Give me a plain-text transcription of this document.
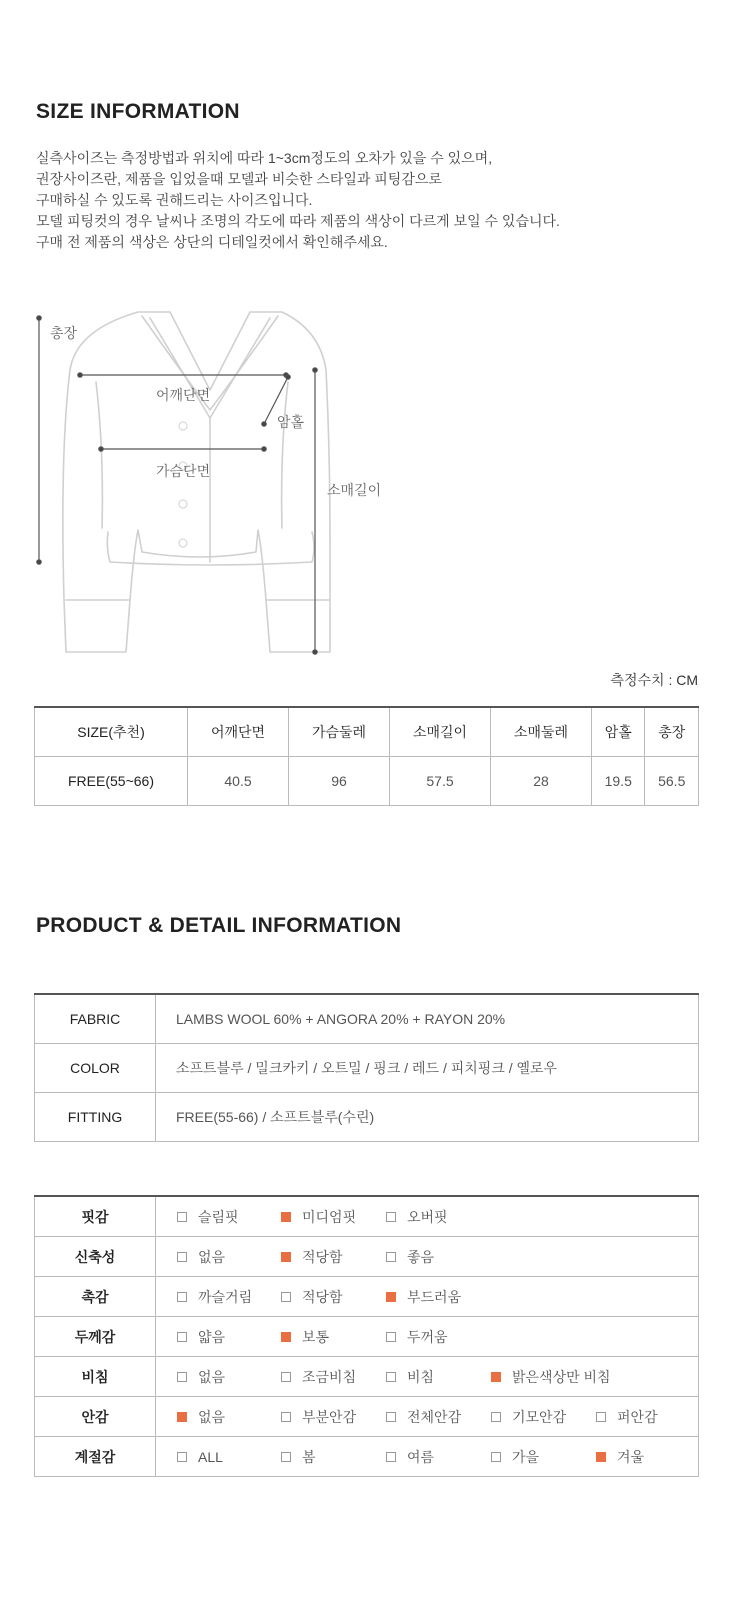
SIZE INFORMATION
실측사이즈는 측정방법과 위치에 따라 1~3cm정도의 오차가 있을 수 있으며,
권장사이즈란, 제품을 입었을때 모델과 비슷한 스타일과 피팅감으로
구매하실 수 있도록 권해드리는 사이즈입니다.
모델 피팅컷의 경우 날씨나 조명의 각도에 따라 제품의 색상이 다르게 보일 수 있습니다.
구매 전 제품의 색상은 상단의 디테일컷에서 확인해주세요.
총장
어깨단면
암홀
가슴단면
소매길이
측정수치 : CM
SIZE(추천)	어깨단면	가슴둘레	소매길이	소매둘레	암홀	총장
FREE(55~66)	40.5	96	57.5	28	19.5	56.5
PRODUCT & DETAIL INFORMATION
FABRIC	LAMBS WOOL 60% + ANGORA 20% + RAYON 20%
COLOR	소프트블루 / 밀크카키 / 오트밀 / 핑크 / 레드 / 피치핑크 / 옐로우
FITTING	FREE(55-66) / 소프트블루(수린)
핏감	슬림핏 미디엄핏 오버핏

신축성	없음 적당함 좋음

촉감	까슬거림 적당함 부드러움

두께감	얇음 보통 두꺼움

비침	없음 조금비침 비침 밝은색상만 비침

안감	없음 부분안감 전체안감 기모안감 퍼안감

계절감	ALL 봄 여름 가을 겨울
